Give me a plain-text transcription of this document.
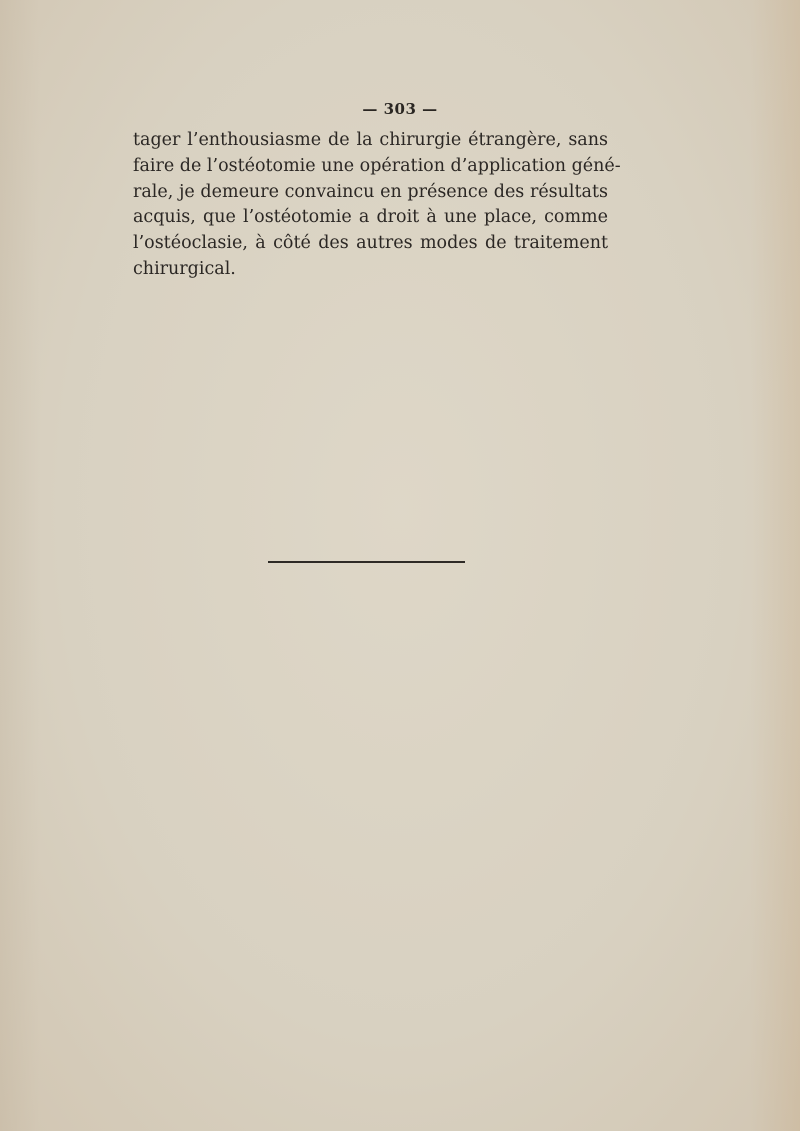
— 303 —
tager l’enthousiasme de la chirurgie étrangère, sans
faire de l’ostéotomie une opération d’application géné-
rale, je demeure convaincu en présence des résultats
acquis, que l’ostéotomie a droit à une place, comme
l’ostéoclasie, à côté des autres modes de traitement
chirurgical.
